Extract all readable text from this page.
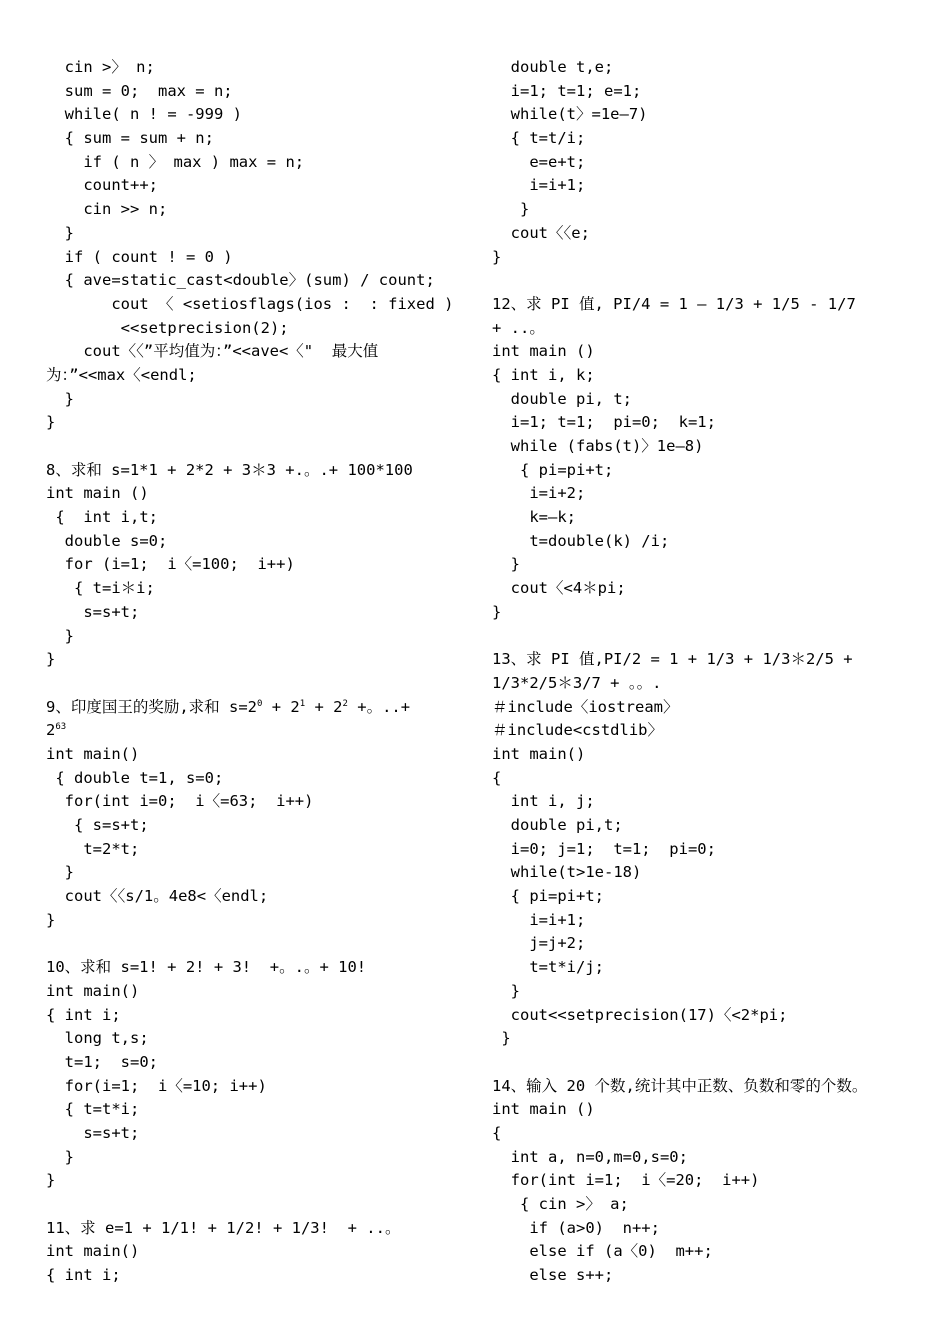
cin >〉 n;
sum = 0;  max = n;
while( n ! = -999 )
{ sum = sum + n;
if ( n 〉 max ) max = n;
count++;
cin >> n;
}
if ( count ! = 0 )
{ ave=static_cast<double〉(sum) / count;
cout 〈 <setiosflags(ios :  : fixed )
<<setprecision(2);
cout〈〈”平均值为：”<<ave<〈"  最大值
为：”<<max〈<endl;
}
}
8、求和 s=1*1 + 2*2 + 3＊3 +.。.+ 100*100
int main ()
{  int i,t;
double s=0;
for (i=1;  i〈=100;  i++)
{ t=i＊i;
s=s+t;
}
}
9、印度国王的奖励,求和 $s=2^0 + 2^1 + 2^2$ +。..+
$2^{63}$
int main()
{ double t=1, s=0;
for(int i=0;  i〈=63;  i++)
{ s=s+t;
t=2*t;
}
cout〈〈s/1。4e8<〈endl;
}
10、求和 s=1! + 2! + 3!  +。.。+ 10!
int main()
{ int i;
long t,s;
t=1;  s=0;
for(i=1;  i〈=10; i++)
{ t=t*i;
s=s+t;
}
}
11、求 e=1 + 1/1! + 1/2! + 1/3!  + ..。
int main()
{ int i;
double t,e;
i=1; t=1; e=1;
while(t〉=1e—7)
{ t=t/i;
e=e+t;
i=i+1;
}
cout〈〈e;
}
12、求 PI 值, PI/4 = 1 — 1/3 + 1/5 - 1/7
+ ..。
int main ()
{ int i, k;
double pi, t;
i=1; t=1;  pi=0;  k=1;
while (fabs(t)〉1e—8)
{ pi=pi+t;
i=i+2;
k=—k;
t=double(k) /i;
}
cout〈<4＊pi;
}
13、求 PI 值,PI/2 = 1 + 1/3 + 1/3＊2/5 +
1/3*2/5＊3/7 + 。。.
＃include〈iostream〉
＃include<cstdlib〉
int main()
{
int i, j;
double pi,t;
i=0; j=1;  t=1;  pi=0;
while(t>1e-18)
{ pi=pi+t;
i=i+1;
j=j+2;
t=t*i/j;
}
cout<<setprecision(17)〈<2*pi;
}
14、输入 20 个数,统计其中正数、负数和零的个数。
int main ()
{
int a, n=0,m=0,s=0;
for(int i=1;  i〈=20;  i++)
{ cin >〉 a;
if (a>0)  n++;
else if (a〈0)  m++;
else s++;
